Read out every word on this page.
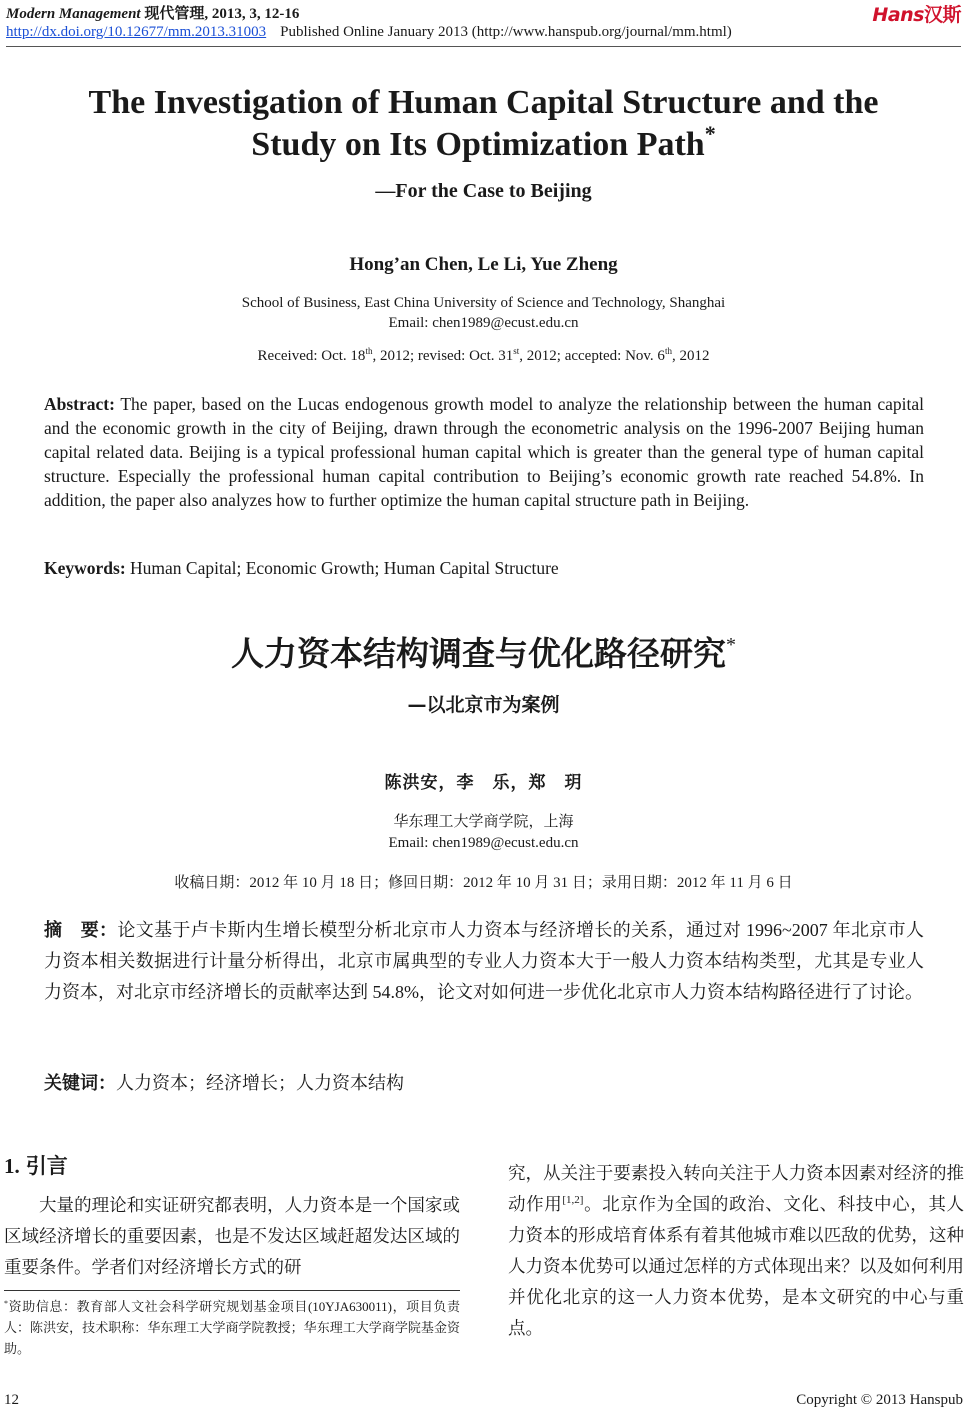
Modern Management 现代管理, 2013, 3, 12-16	Hans汉斯
http://dx.doi.org/10.12677/mm.2013.31003 Published Online January 2013 (http://www.hanspub.org/journal/mm.html)
The Investigation of Human Capital Structure and the
Study on Its Optimization Path*
—For the Case to Beijing
Hong’an Chen, Le Li, Yue Zheng
School of Business, East China University of Science and Technology, Shanghai
Email: chen1989@ecust.edu.cn
Received: Oct. 18th, 2012; revised: Oct. 31st, 2012; accepted: Nov. 6th, 2012
Abstract: The paper, based on the Lucas endogenous growth model to analyze the relationship between the human capital and the economic growth in the city of Beijing, drawn through the econometric analysis on the 1996-2007 Beijing human capital related data. Beijing is a typical professional human capital which is greater than the general type of human capital structure. Especially the professional human capital contribution to Beijing’s economic growth rate reached 54.8%. In addition, the paper also analyzes how to further optimize the human capital structure path in Beijing.
Keywords: Human Capital; Economic Growth; Human Capital Structure
人力资本结构调查与优化路径研究*
—以北京市为案例
陈洪安，李　乐，郑　玥
华东理工大学商学院，上海
Email: chen1989@ecust.edu.cn
收稿日期：2012 年 10 月 18 日；修回日期：2012 年 10 月 31 日；录用日期：2012 年 11 月 6 日
摘　要：论文基于卢卡斯内生增长模型分析北京市人力资本与经济增长的关系，通过对 1996~2007 年北京市人力资本相关数据进行计量分析得出，北京市属典型的专业人力资本大于一般人力资本结构类型，尤其是专业人力资本，对北京市经济增长的贡献率达到 54.8%，论文对如何进一步优化北京市人力资本结构路径进行了讨论。
关键词：人力资本；经济增长；人力资本结构
1. 引言

大量的理论和实证研究都表明，人力资本是一个国家或区域经济增长的重要因素，也是不发达区域赶超发达区域的重要条件。学者们对经济增长方式的研

究，从关注于要素投入转向关注于人力资本因素对经济的推动作用[1,2]。北京作为全国的政治、文化、科技中心，其人力资本的形成培育体系有着其他城市难以匹敌的优势，这种人力资本优势可以通过怎样的方式体现出来？以及如何利用并优化北京的这一人力资本优势，是本文研究的中心与重点。
*资助信息：教育部人文社会科学研究规划基金项目(10YJA630011)，项目负责人：陈洪安，技术职称：华东理工大学商学院教授；华东理工大学商学院基金资助。
12	Copyright © 2013 Hanspub
